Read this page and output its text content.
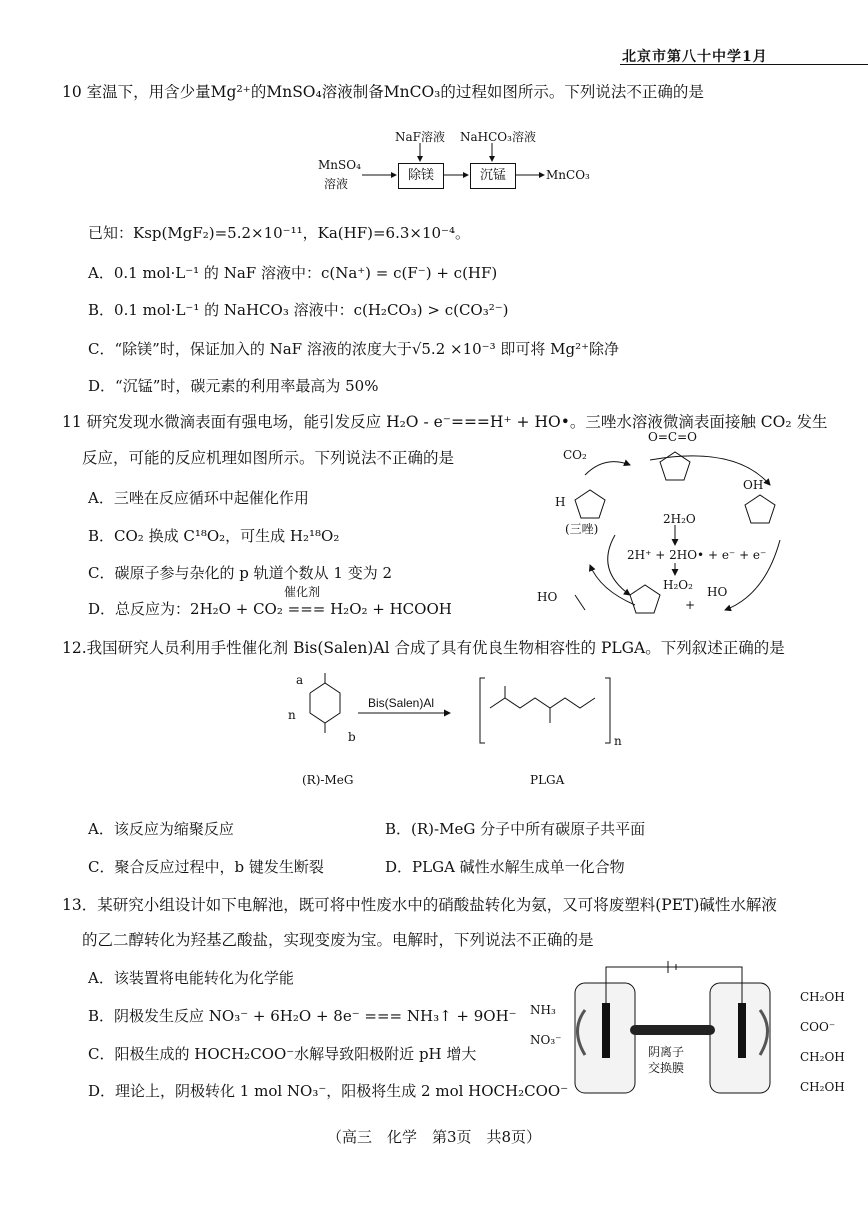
北京市第八十中学1月
10 室温下，用含少量Mg²⁺的MnSO₄溶液制备MnCO₃的过程如图所示。下列说法不正确的是
NaF溶液 NaHCO₃溶液
MnSO₄
溶液
除镁	沉锰	MnCO₃
已知：Ksp(MgF₂)=5.2×10⁻¹¹，Ka(HF)=6.3×10⁻⁴。
A．0.1 mol·L⁻¹ 的 NaF 溶液中：c(Na⁺) = c(F⁻) + c(HF)
B．0.1 mol·L⁻¹ 的 NaHCO₃ 溶液中：c(H₂CO₃) > c(CO₃²⁻)
C．“除镁”时，保证加入的 NaF 溶液的浓度大于√5.2 ×10⁻³ 即可将 Mg²⁺除净
D．“沉锰”时，碳元素的利用率最高为 50%
11 研究发现水微滴表面有强电场，能引发反应 H₂O - e⁻===H⁺ + HO•。三唑水溶液微滴表面接触 CO₂ 发生
反应，可能的反应机理如图所示。下列说法不正确的是
A．三唑在反应循环中起催化作用
B．CO₂ 换成 C¹⁸O₂，可生成 H₂¹⁸O₂
C．碳原子参与杂化的 p 轨道个数从 1 变为 2
催化剂
D．总反应为：2H₂O + CO₂ === H₂O₂ + HCOOH
CO₂
O=C=O
H
(三唑)
OH
2H₂O
2H⁺ + 2HO• + e⁻ + e⁻
H₂O₂
HO
+
HO
12.我国研究人员利用手性催化剂 Bis(Salen)Al 合成了具有优良生物相容性的 PLGA。下列叙述正确的是
a
b
n
Bis(Salen)Al
n
(R)-MeG	PLGA
A．该反应为缩聚反应	B．(R)-MeG 分子中所有碳原子共平面
C．聚合反应过程中，b 键发生断裂	D．PLGA 碱性水解生成单一化合物
13．某研究小组设计如下电解池，既可将中性废水中的硝酸盐转化为氨，又可将废塑料(PET)碱性水解液
的乙二醇转化为羟基乙酸盐，实现变废为宝。电解时，下列说法不正确的是
A．该装置将电能转化为化学能
B．阴极发生反应 NO₃⁻ + 6H₂O + 8e⁻ === NH₃↑ + 9OH⁻
C．阳极生成的 HOCH₂COO⁻水解导致阳极附近 pH 增大
D．理论上，阴极转化 1 mol NO₃⁻，阳极将生成 2 mol HOCH₂COO⁻
NH₃
NO₃⁻
阴离子
交换膜
CH₂OH
COO⁻
CH₂OH
CH₂OH
（高三　化学　第3页　共8页）
